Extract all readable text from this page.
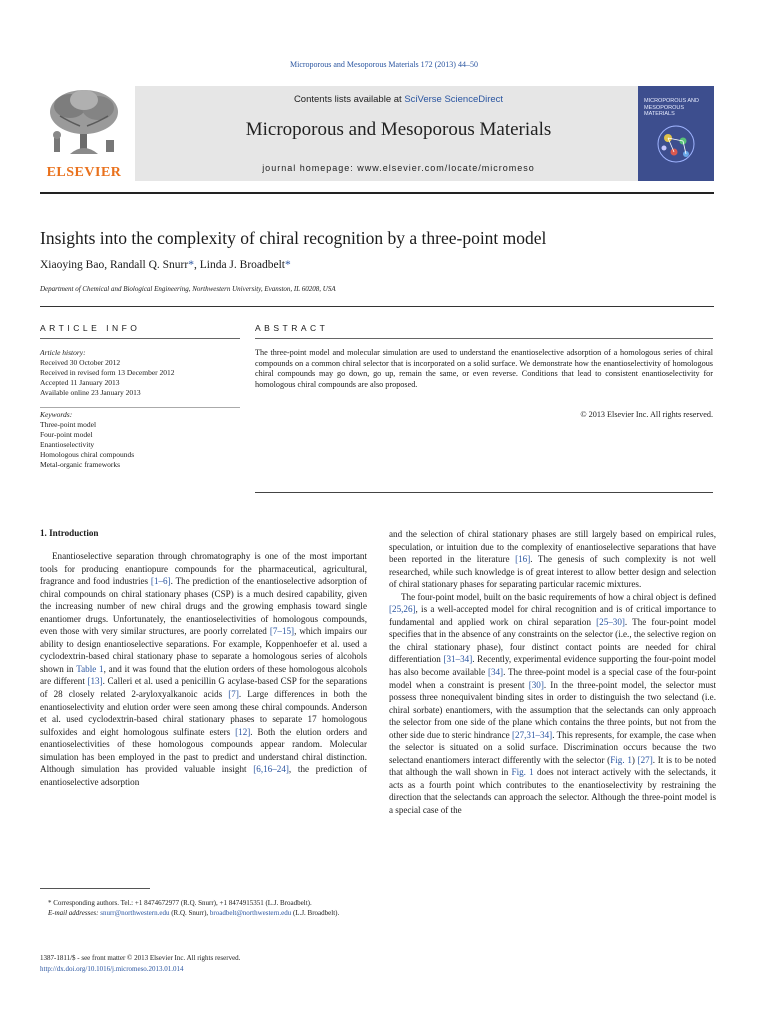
Microporous and Mesoporous Materials 172 (2013) 44–50
ELSEVIER
Contents lists available at SciVerse ScienceDirect
Microporous and Mesoporous Materials
journal homepage: www.elsevier.com/locate/micromeso
MICROPOROUS AND MESOPOROUS MATERIALS
Insights into the complexity of chiral recognition by a three-point model
Xiaoying Bao, Randall Q. Snurr*, Linda J. Broadbelt*
Department of Chemical and Biological Engineering, Northwestern University, Evanston, IL 60208, USA
ARTICLE INFO	ABSTRACT
Article history:
Received 30 October 2012
Received in revised form 13 December 2012
Accepted 11 January 2013
Available online 23 January 2013
Keywords:
Three-point model
Four-point model
Enantioselectivity
Homologous chiral compounds
Metal-organic frameworks
The three-point model and molecular simulation are used to understand the enantioselective adsorption of a homologous series of chiral compounds on a common chiral selector that is incorporated on a solid surface. We demonstrate how the enantioselectivity of homologous chiral compounds may go down, go up, remain the same, or even reverse. Conditions that lead to consistent enantioselectivity for homologous chiral compounds are also proposed.
© 2013 Elsevier Inc. All rights reserved.
1. Introduction

Enantioselective separation through chromatography is one of the most important tools for producing enantiopure compounds for the pharmaceutical, agricultural, fragrance and food industries [1–6]. The prediction of the enantioselective adsorption of chiral compounds on chiral stationary phases (CSP) is a much desired capability, given the increasing number of new chiral drugs and the growing emphasis toward single enantiomer drugs. Unfortunately, the enantioselectivities of homologous compounds, even those with very similar structures, are poorly correlated [7–15], which impairs our ability to design enantioselective separations. For example, Koppenhoefer et al. used a cyclodextrin-based chiral stationary phase to separate a homologous series of alcohols shown in Table 1, and it was found that the elution orders of these homologous alcohols are different [13]. Calleri et al. used a penicillin G acylase-based CSP for the separations of 28 closely related 2-aryloxyalkanoic acids [7]. Large differences in both the enantioselectivity and elution order were seen among these chiral compounds. Anderson et al. used cyclodextrin-based chiral stationary phases to separate 17 homologous sulfoxides and eight homologous sulfinate esters [12]. Both the elution orders and enantioselectivities of these homologous compounds appear random. Molecular simulation has been employed in the past to predict and understand chiral distinction. Although simulation has provided valuable insight [6,16–24], the prediction of enantioselective adsorption

and the selection of chiral stationary phases are still largely based on empirical rules, speculation, or intuition due to the complexity of enantioselective separations that have been reported in the literature [16]. The genesis of such complexity is not well researched, while such knowledge is of great interest to allow better design and selection of chiral stationary phases for separating particular racemic mixtures.

The four-point model, built on the basic requirements of how a chiral object is defined [25,26], is a well-accepted model for chiral recognition and is of critical importance to fundamental and applied work on chiral separation [25–30]. The four-point model specifies that in the absence of any constraints on the selector (i.e., the selective region on the chiral stationary phase), four distinct contact points are needed for chiral differentiation [31–34]. Recently, experimental evidence supporting the four-point model has also become available [34]. The three-point model is a special case of the four-point model when a constraint is present [30]. In the three-point model, the selector must possess three nonequivalent binding sites in order to distinguish the two selectand (i.e. chiral sorbate) enantiomers, with the assumption that the selectands can only approach the selector from one side of the plane which contains the three points, but not from the other side due to steric hindrance [27,31–34]. This represents, for example, the case when the selector is situated on a solid surface. Discrimination occurs because the two selectand enantiomers interact differently with the selector (Fig. 1) [27]. It is to be noted that although the wall shown in Fig. 1 does not interact actively with the selectands, it acts as a fourth point which contributes to the enantioselectivity by restraining the direction that the selectands can approach the selector. Although the three-point model is a special case of the

* Corresponding authors. Tel.: +1 8474672977 (R.Q. Snurr), +1 8474915351 (L.J. Broadbelt).
E-mail addresses: snurr@northwestern.edu (R.Q. Snurr), broadbelt@northwestern.edu (L.J. Broadbelt).
1387-1811/$ - see front matter © 2013 Elsevier Inc. All rights reserved.
http://dx.doi.org/10.1016/j.micromeso.2013.01.014
